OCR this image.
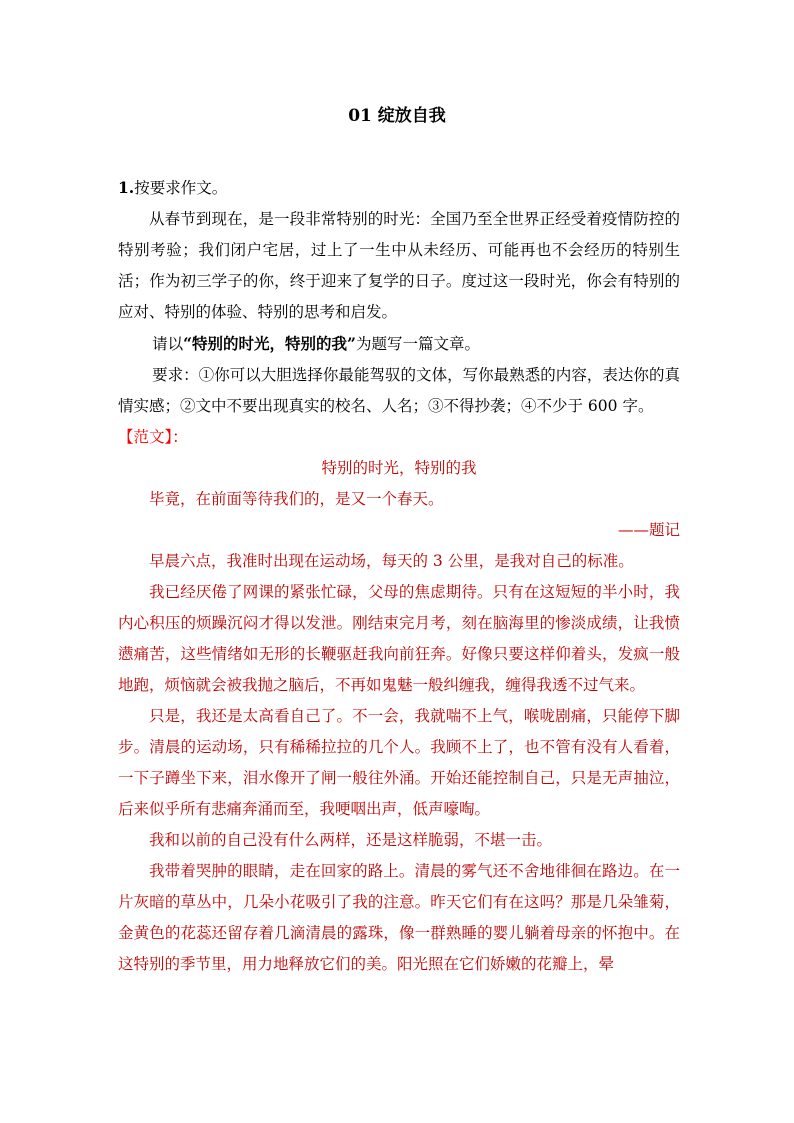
01 绽放自我

1.按要求作文。

从春节到现在，是一段非常特别的时光：全国乃至全世界正经受着疫情防控的特别考验；我们闭户宅居，过上了一生中从未经历、可能再也不会经历的特别生活；作为初三学子的你，终于迎来了复学的日子。度过这一段时光，你会有特别的应对、特别的体验、特别的思考和启发。

请以“特别的时光，特别的我”为题写一篇文章。

要求：①你可以大胆选择你最能驾驭的文体，写你最熟悉的内容，表达你的真情实感；②文中不要出现真实的校名、人名；③不得抄袭；④不少于 600 字。

【范文】：

特别的时光，特别的我

毕竟，在前面等待我们的，是又一个春天。

——题记

早晨六点，我准时出现在运动场，每天的 3 公里，是我对自己的标准。

我已经厌倦了网课的紧张忙碌，父母的焦虑期待。只有在这短短的半小时，我内心积压的烦躁沉闷才得以发泄。刚结束完月考，刻在脑海里的惨淡成绩，让我愤懑痛苦，这些情绪如无形的长鞭驱赶我向前狂奔。好像只要这样仰着头，发疯一般地跑，烦恼就会被我抛之脑后，不再如鬼魅一般纠缠我，缠得我透不过气来。

只是，我还是太高看自己了。不一会，我就喘不上气，喉咙剧痛，只能停下脚步。清晨的运动场，只有稀稀拉拉的几个人。我顾不上了，也不管有没有人看着，一下子蹲坐下来，泪水像开了闸一般往外涌。开始还能控制自己，只是无声抽泣，后来似乎所有悲痛奔涌而至，我哽咽出声，低声嚎啕。

我和以前的自己没有什么两样，还是这样脆弱，不堪一击。

我带着哭肿的眼睛，走在回家的路上。清晨的雾气还不舍地徘徊在路边。在一片灰暗的草丛中，几朵小花吸引了我的注意。昨天它们有在这吗？那是几朵雏菊，金黄色的花蕊还留存着几滴清晨的露珠，像一群熟睡的婴儿躺着母亲的怀抱中。在这特别的季节里，用力地释放它们的美。阳光照在它们娇嫩的花瓣上，晕
